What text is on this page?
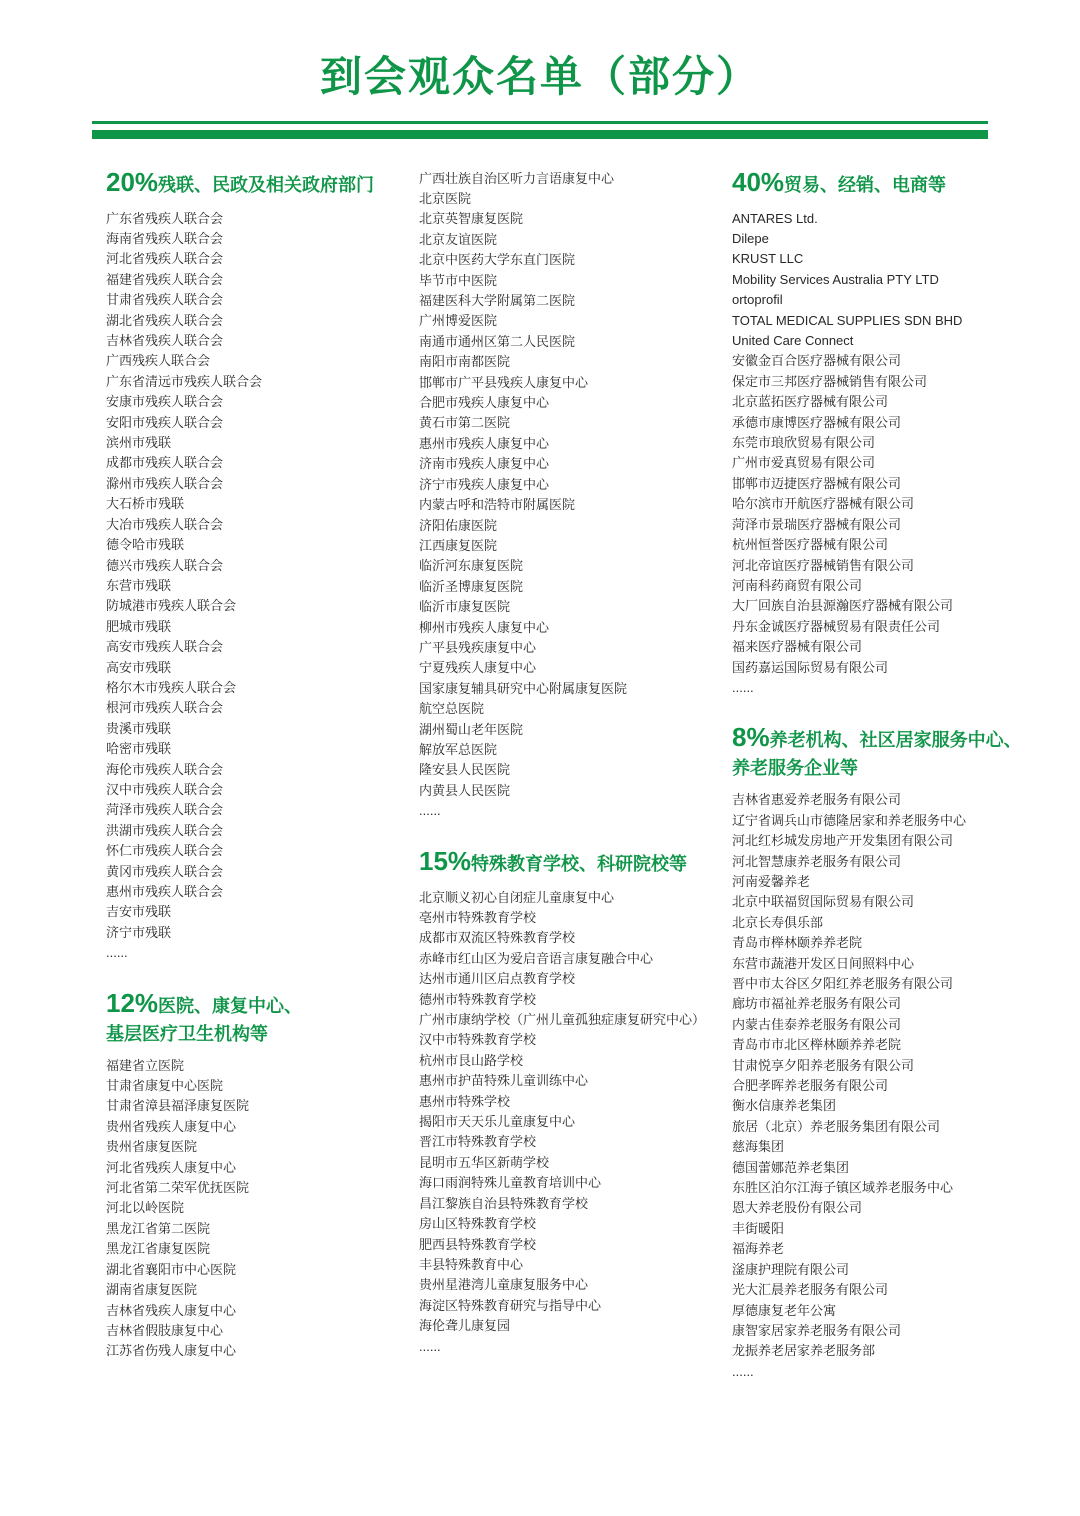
到会观众名单（部分）
20%残联、民政及相关政府部门
广东省残疾人联合会
海南省残疾人联合会
河北省残疾人联合会
福建省残疾人联合会
甘肃省残疾人联合会
湖北省残疾人联合会
吉林省残疾人联合会
广西残疾人联合会
广东省清远市残疾人联合会
安康市残疾人联合会
安阳市残疾人联合会
滨州市残联
成都市残疾人联合会
滁州市残疾人联合会
大石桥市残联
大冶市残疾人联合会
德令哈市残联
德兴市残疾人联合会
东营市残联
防城港市残疾人联合会
肥城市残联
高安市残疾人联合会
高安市残联
格尔木市残疾人联合会
根河市残疾人联合会
贵溪市残联
哈密市残联
海伦市残疾人联合会
汉中市残疾人联合会
菏泽市残疾人联合会
洪湖市残疾人联合会
怀仁市残疾人联合会
黄冈市残疾人联合会
惠州市残疾人联合会
吉安市残联
济宁市残联
......
12%医院、康复中心、
基层医疗卫生机构等
福建省立医院
甘肃省康复中心医院
甘肃省漳县福泽康复医院
贵州省残疾人康复中心
贵州省康复医院
河北省残疾人康复中心
河北省第二荣军优抚医院
河北以岭医院
黑龙江省第二医院
黑龙江省康复医院
湖北省襄阳市中心医院
湖南省康复医院
吉林省残疾人康复中心
吉林省假肢康复中心
江苏省伤残人康复中心
广西壮族自治区听力言语康复中心
北京医院
北京英智康复医院
北京友谊医院
北京中医药大学东直门医院
毕节市中医院
福建医科大学附属第二医院
广州博爱医院
南通市通州区第二人民医院
南阳市南都医院
邯郸市广平县残疾人康复中心
合肥市残疾人康复中心
黄石市第二医院
惠州市残疾人康复中心
济南市残疾人康复中心
济宁市残疾人康复中心
内蒙古呼和浩特市附属医院
济阳佑康医院
江西康复医院
临沂河东康复医院
临沂圣博康复医院
临沂市康复医院
柳州市残疾人康复中心
广平县残疾康复中心
宁夏残疾人康复中心
国家康复辅具研究中心附属康复医院
航空总医院
湖州蜀山老年医院
解放军总医院
隆安县人民医院
内黄县人民医院
......
15%特殊教育学校、科研院校等
北京顺义初心自闭症儿童康复中心
亳州市特殊教育学校
成都市双流区特殊教育学校
赤峰市红山区为爱启音语言康复融合中心
达州市通川区启点教育学校
德州市特殊教育学校
广州市康纳学校（广州儿童孤独症康复研究中心）
汉中市特殊教育学校
杭州市艮山路学校
惠州市护苗特殊儿童训练中心
惠州市特殊学校
揭阳市天天乐儿童康复中心
晋江市特殊教育学校
昆明市五华区新萌学校
海口雨润特殊儿童教育培训中心
昌江黎族自治县特殊教育学校
房山区特殊教育学校
肥西县特殊教育学校
丰县特殊教育中心
贵州星港湾儿童康复服务中心
海淀区特殊教育研究与指导中心
海伦聋儿康复园
......
40%贸易、经销、电商等
ANTARES Ltd.
Dilepe
KRUST LLC
Mobility Services Australia PTY LTD
ortoprofil
TOTAL MEDICAL SUPPLIES SDN BHD
United Care Connect
安徽金百合医疗器械有限公司
保定市三邦医疗器械销售有限公司
北京蓝拓医疗器械有限公司
承德市康博医疗器械有限公司
东莞市琅欣贸易有限公司
广州市爱真贸易有限公司
邯郸市迈捷医疗器械有限公司
哈尔滨市开航医疗器械有限公司
菏泽市景瑞医疗器械有限公司
杭州恒誉医疗器械有限公司
河北帝谊医疗器械销售有限公司
河南科药商贸有限公司
大厂回族自治县源瀚医疗器械有限公司
丹东金诚医疗器械贸易有限责任公司
福来医疗器械有限公司
国药嘉运国际贸易有限公司
......
8%养老机构、社区居家服务中心、
养老服务企业等
吉林省惠爱养老服务有限公司
辽宁省调兵山市德隆居家和养老服务中心
河北红杉城发房地产开发集团有限公司
河北智慧康养老服务有限公司
河南爱馨养老
北京中联福贸国际贸易有限公司
北京长寿俱乐部
青岛市榉林颐养养老院
东营市蔬港开发区日间照料中心
晋中市太谷区夕阳红养老服务有限公司
廊坊市福祉养老服务有限公司
内蒙古佳泰养老服务有限公司
青岛市市北区榉林颐养养老院
甘肃悦享夕阳养老服务有限公司
合肥孝晖养老服务有限公司
衡水信康养老集团
旅居（北京）养老服务集团有限公司
慈海集团
德国蕾娜范养老集团
东胜区泊尔江海子镇区域养老服务中心
恩大养老股份有限公司
丰街暖阳
福海养老
滏康护理院有限公司
光大汇晨养老服务有限公司
厚德康复老年公寓
康智家居家养老服务有限公司
龙振养老居家养老服务部
......
